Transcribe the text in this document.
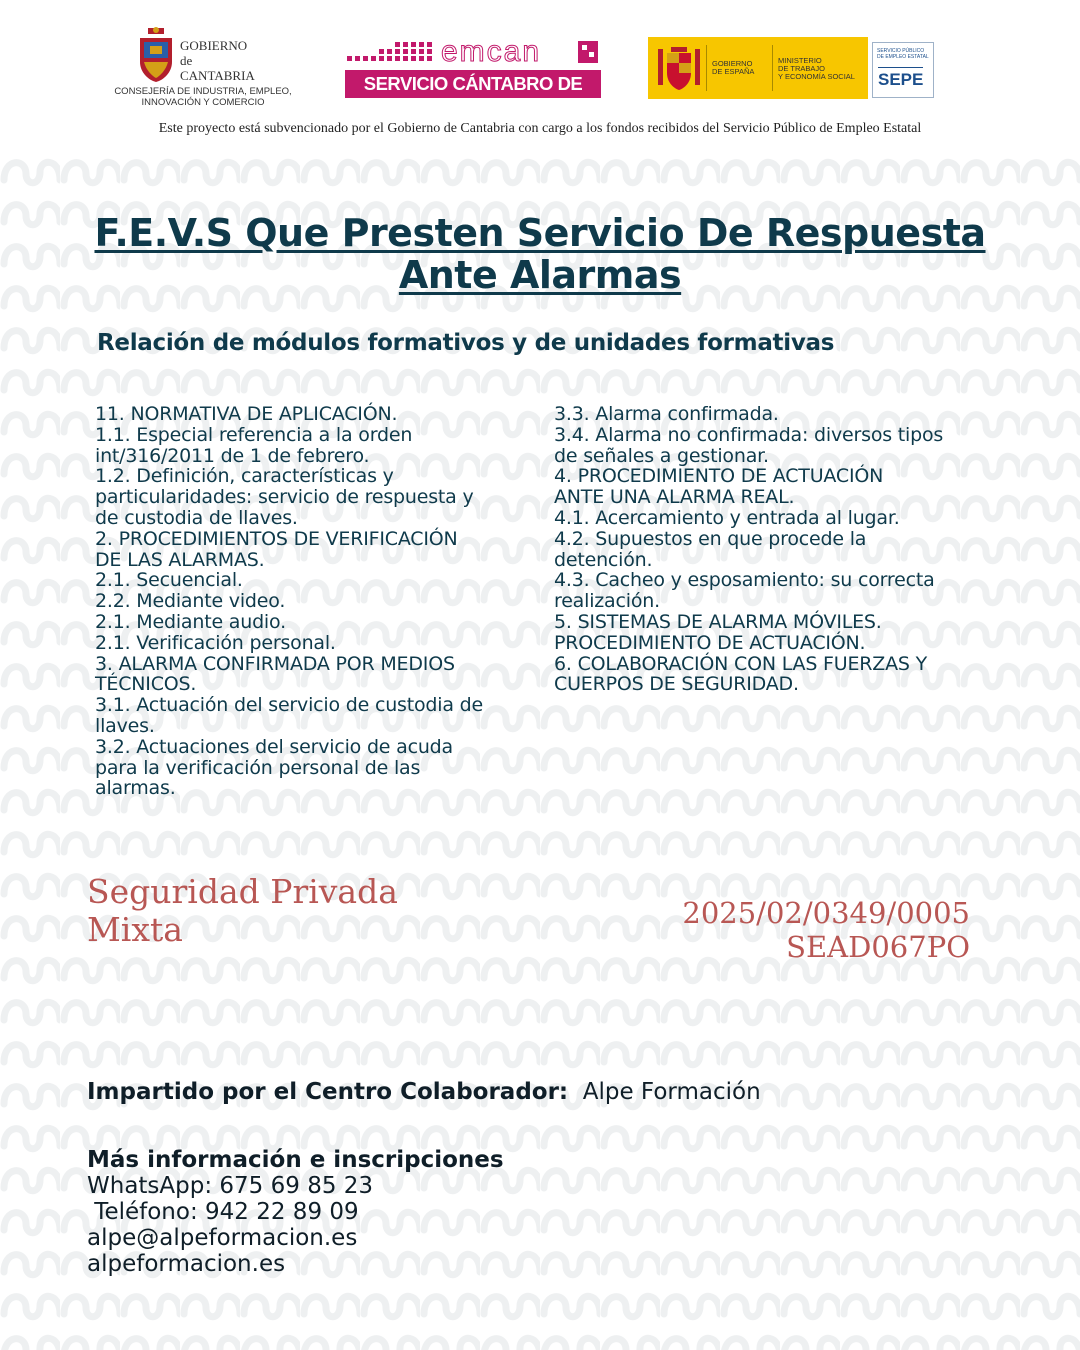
GOBIERNO
de
CANTABRIA
CONSEJERÍA DE INDUSTRIA, EMPLEO,
INNOVACIÓN Y COMERCIO
emcan
SERVICIO CÁNTABRO DE EMPLEO
GOBIERNO
DE ESPAÑA
MINISTERIO
DE TRABAJO
Y ECONOMÍA SOCIAL
SERVICIO PÚBLICO
DE EMPLEO ESTATAL
SEPE
Este proyecto está subvencionado por el Gobierno de Cantabria con cargo a los fondos recibidos del Servicio Público de Empleo Estatal
F.E.V.S Que Presten Servicio De Respuesta
Ante Alarmas
Relación de módulos formativos y de unidades formativas
11. NORMATIVA DE APLICACIÓN.
1.1. Especial referencia a la orden
int/316/2011 de 1 de febrero.
1.2. Definición, características y
particularidades: servicio de respuesta y
de custodia de llaves.
2. PROCEDIMIENTOS DE VERIFICACIÓN
DE LAS ALARMAS.
2.1. Secuencial.
2.2. Mediante video.
2.1. Mediante audio.
2.1. Verificación personal.
3. ALARMA CONFIRMADA POR MEDIOS
TÉCNICOS.
3.1. Actuación del servicio de custodia de
llaves.
3.2. Actuaciones del servicio de acuda
para la verificación personal de las
alarmas.
3.3. Alarma confirmada.
3.4. Alarma no confirmada: diversos tipos
de señales a gestionar.
4. PROCEDIMIENTO DE ACTUACIÓN
ANTE UNA ALARMA REAL.
4.1. Acercamiento y entrada al lugar.
4.2. Supuestos en que procede la
detención.
4.3. Cacheo y esposamiento: su correcta
realización.
5. SISTEMAS DE ALARMA MÓVILES.
PROCEDIMIENTO DE ACTUACIÓN.
6. COLABORACIÓN CON LAS FUERZAS Y
CUERPOS DE SEGURIDAD.
Seguridad Privada
Mixta	2025/02/0349/0005
SEAD067PO
Impartido por el Centro Colaborador: Alpe Formación
Más información e inscripciones
WhatsApp: 675 69 85 23
Teléfono: 942 22 89 09
alpe@alpeformacion.es
alpeformacion.es
